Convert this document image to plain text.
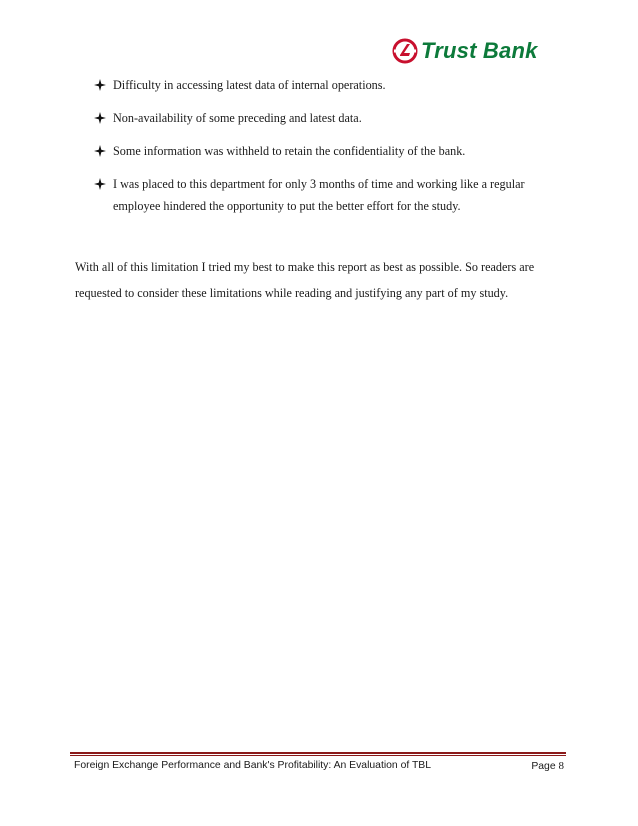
Trust Bank
Difficulty in accessing latest data of internal operations.
Non-availability of some preceding and latest data.
Some information was withheld to retain the confidentiality of the bank.
I was placed to this department for only 3 months of time and working like a regular employee hindered the opportunity to put the better effort for the study.

With all of this limitation I tried my best to make this report as best as possible. So readers are requested to consider these limitations while reading and justifying any part of my study.

Foreign Exchange Performance and Bank's Profitability: An Evaluation of TBL	Page 8
